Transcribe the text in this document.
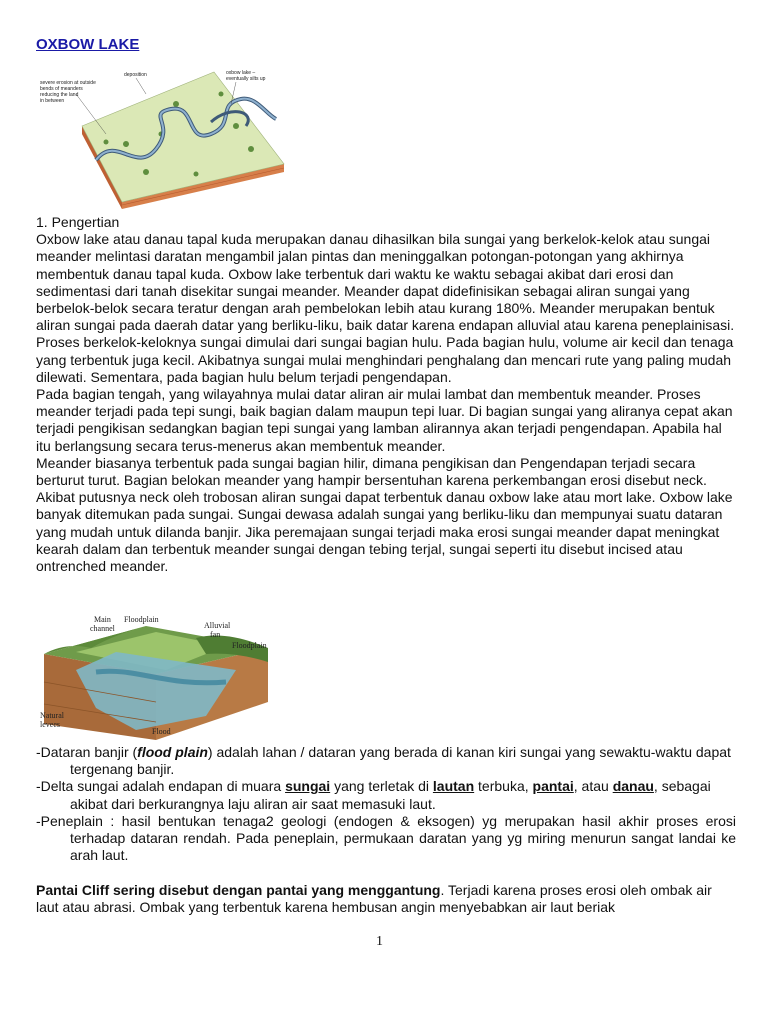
OXBOW LAKE
deposition	oxbow lake –
eventually silts up
severe erosion at outside
bends of meanders
reducing the land
in between

1. Pengertian

Oxbow lake atau danau tapal kuda merupakan danau dihasilkan bila sungai yang berkelok-kelok atau sungai meander melintasi daratan mengambil jalan pintas dan meninggalkan potongan-potongan yang akhirnya membentuk danau tapal kuda. Oxbow lake terbentuk dari waktu ke waktu sebagai akibat dari erosi dan sedimentasi dari tanah disekitar sungai meander. Meander dapat didefinisikan sebagai aliran sungai yang berbelok-belok secara teratur dengan arah pembelokan lebih atau kurang 180%. Meander merupakan bentuk aliran sungai pada daerah datar yang berliku-liku, baik datar karena endapan alluvial atau karena peneplainisasi. Proses berkelok-keloknya sungai dimulai dari sungai bagian hulu. Pada bagian hulu, volume air kecil dan tenaga yang terbentuk juga kecil. Akibatnya sungai mulai menghindari penghalang dan mencari rute yang paling mudah dilewati. Sementara, pada bagian hulu belum terjadi pengendapan.

Pada bagian tengah, yang wilayahnya mulai datar aliran air mulai lambat dan membentuk meander. Proses meander terjadi pada tepi sungi, baik bagian dalam maupun tepi luar. Di bagian sungai yang aliranya cepat akan terjadi pengikisan sedangkan bagian tepi sungai yang lamban alirannya akan terjadi pengendapan. Apabila hal itu berlangsung secara terus-menerus akan membentuk meander.

Meander biasanya terbentuk pada sungai bagian hilir, dimana pengikisan dan Pengendapan terjadi secara berturut turut. Bagian belokan meander yang hampir bersentuhan karena perkembangan erosi disebut neck. Akibat putusnya neck oleh trobosan aliran sungai dapat terbentuk danau oxbow lake atau mort lake. Oxbow lake banyak ditemukan pada sungai. Sungai dewasa adalah sungai yang berliku-liku dan mempunyai suatu dataran yang mudah untuk dilanda banjir. Jika peremajaan sungai terjadi maka erosi sungai meander dapat meningkat kearah dalam dan terbentuk meander sungai dengan tebing terjal, sungai seperti itu disebut incised atau ontrenched meander.

Main
channel
Floodplain
Alluvial
fan
Floodplain
Natural
levees
Flood

-Dataran banjir (flood plain) adalah lahan / dataran yang berada di kanan kiri sungai yang sewaktu-waktu dapat tergenang banjir.

-Delta sungai adalah endapan di muara sungai yang terletak di lautan terbuka, pantai, atau danau, sebagai akibat dari berkurangnya laju aliran air saat memasuki laut.

-Peneplain : hasil bentukan tenaga2 geologi (endogen & eksogen) yg merupakan hasil akhir proses erosi terhadap dataran rendah. Pada peneplain, permukaan daratan yang yg miring menurun sangat landai ke arah laut.

Pantai Cliff sering disebut dengan pantai yang menggantung. Terjadi karena proses erosi oleh ombak air laut atau abrasi. Ombak yang terbentuk karena hembusan angin menyebabkan air laut beriak

1
